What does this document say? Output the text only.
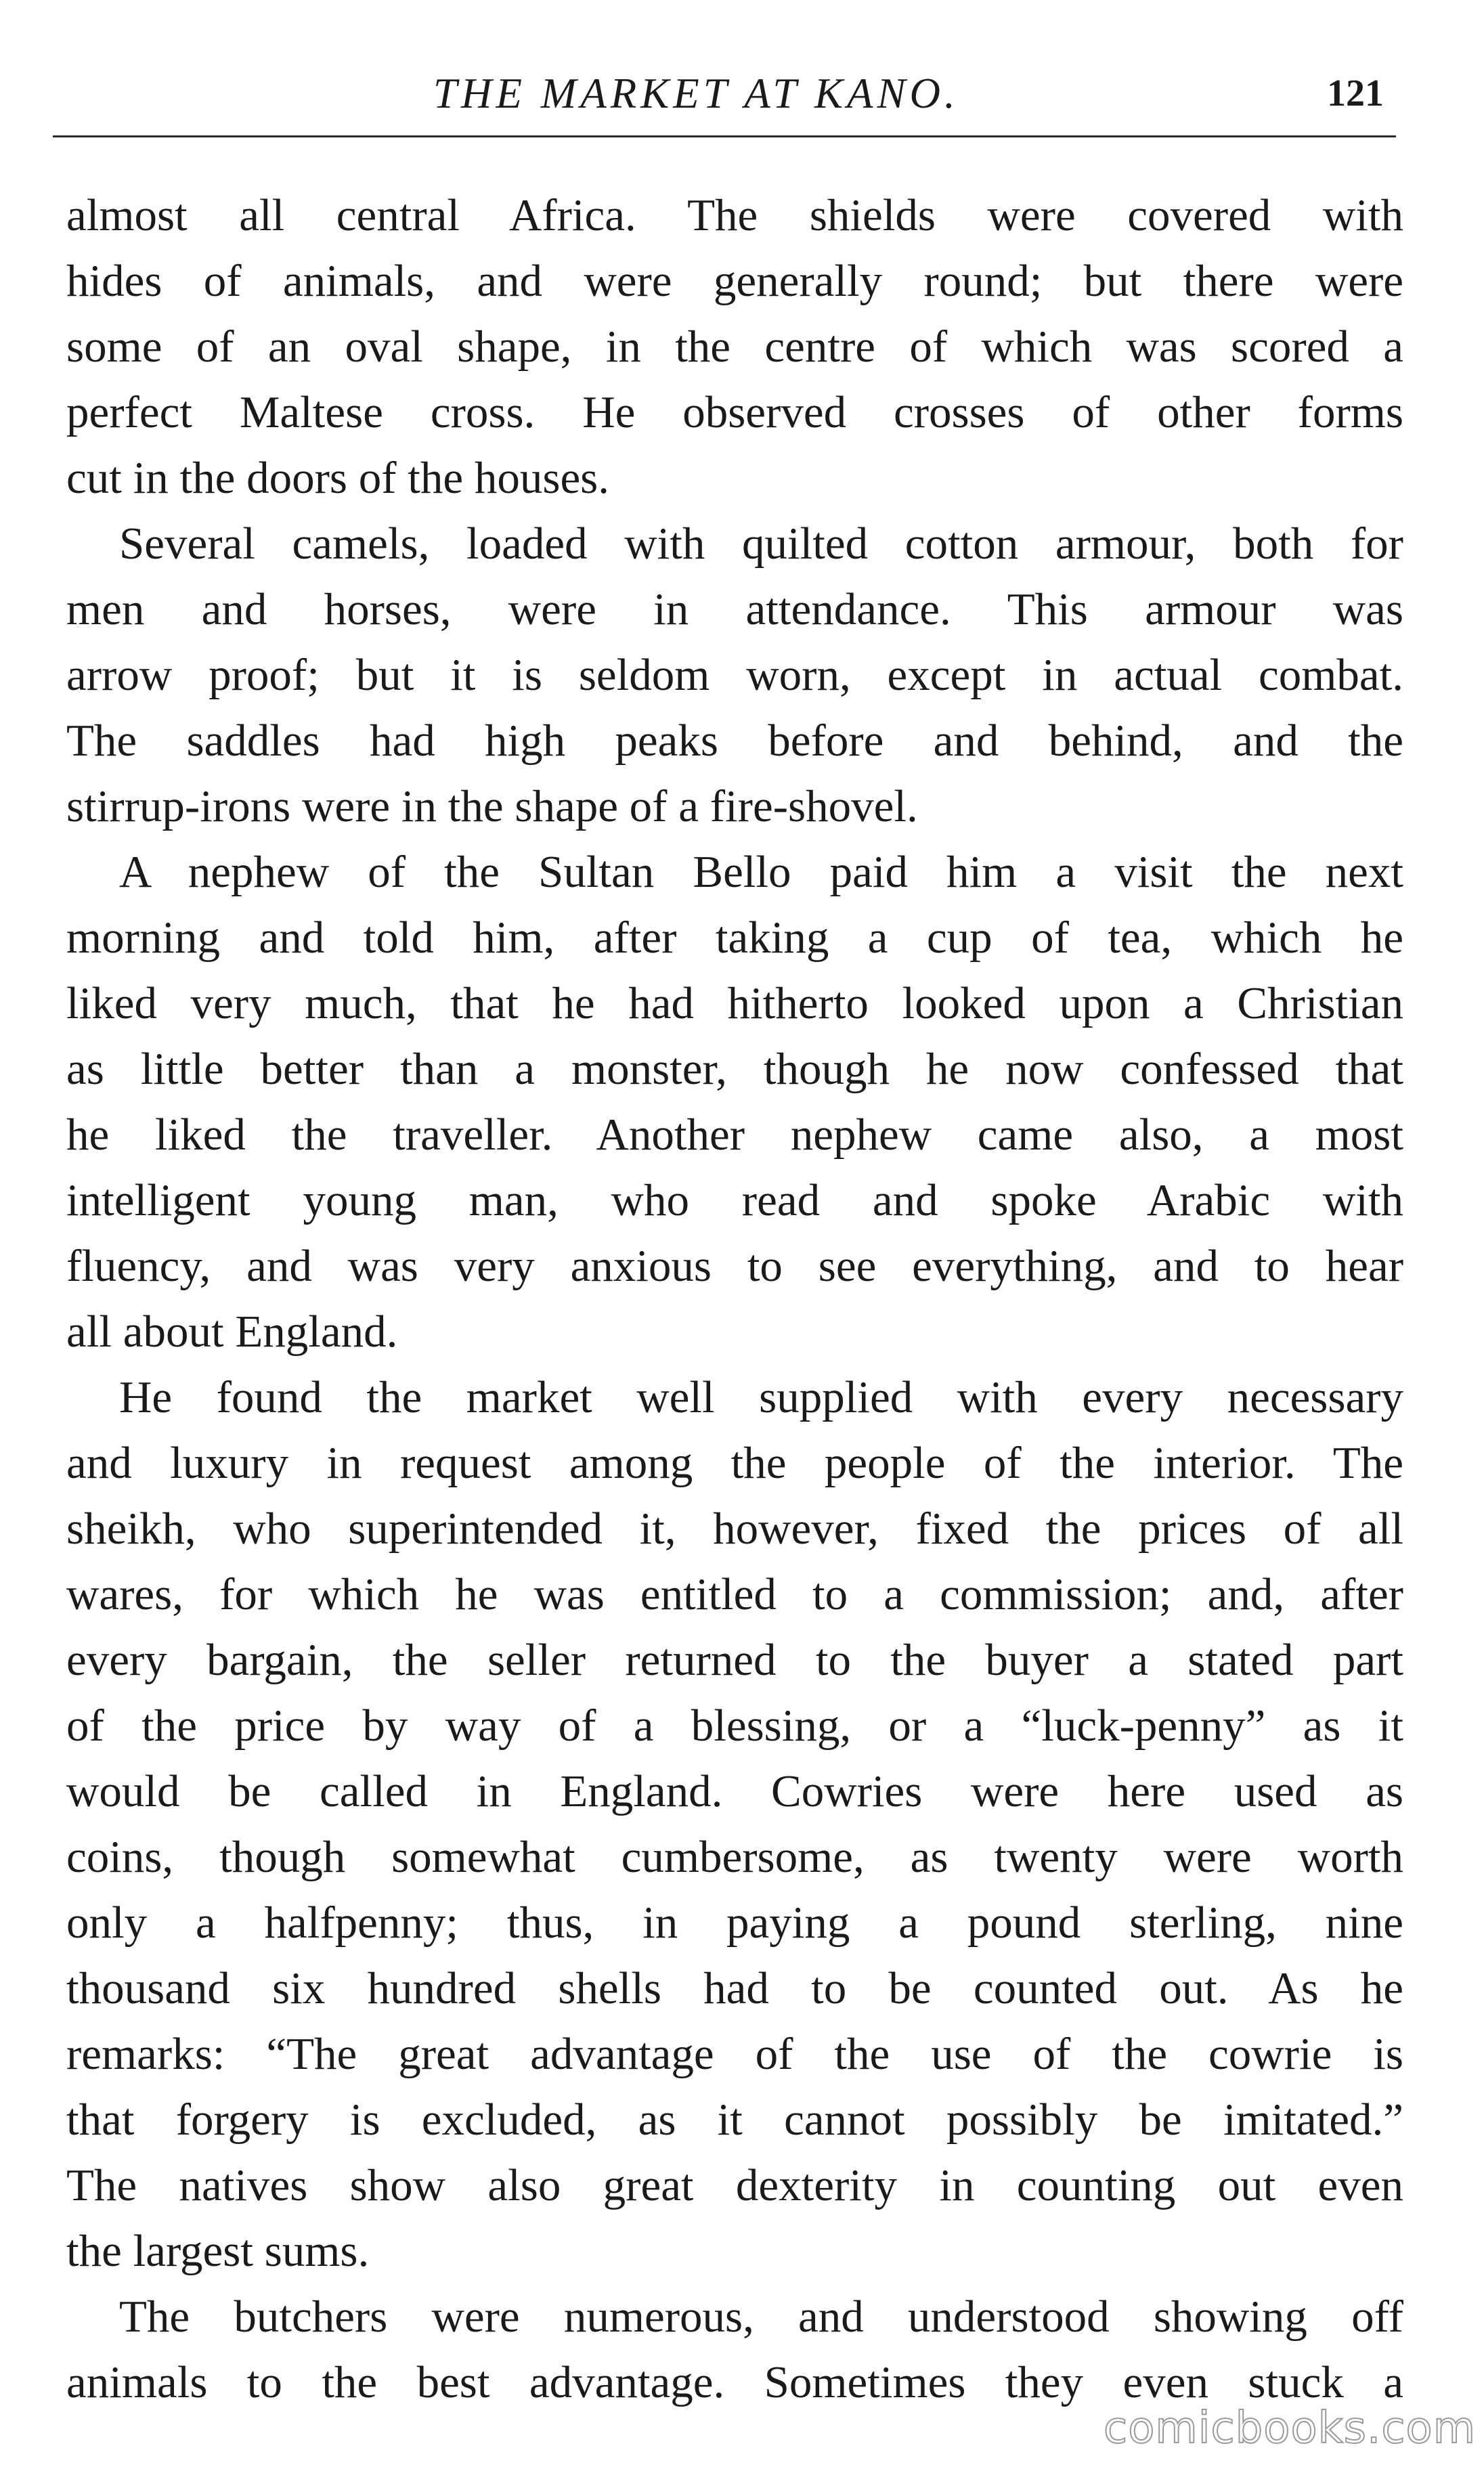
THE MARKET AT KANO.	121
almost all central Africa. The shields were covered with
hides of animals, and were generally round; but there were
some of an oval shape, in the centre of which was scored a
perfect Maltese cross. He observed crosses of other forms
cut in the doors of the houses.
Several camels, loaded with quilted cotton armour, both for
men and horses, were in attendance. This armour was
arrow proof; but it is seldom worn, except in actual combat.
The saddles had high peaks before and behind, and the
stirrup-irons were in the shape of a fire-shovel.
A nephew of the Sultan Bello paid him a visit the next
morning and told him, after taking a cup of tea, which he
liked very much, that he had hitherto looked upon a Christian
as little better than a monster, though he now confessed that
he liked the traveller. Another nephew came also, a most
intelligent young man, who read and spoke Arabic with
fluency, and was very anxious to see everything, and to hear
all about England.
He found the market well supplied with every necessary
and luxury in request among the people of the interior. The
sheikh, who superintended it, however, fixed the prices of all
wares, for which he was entitled to a commission; and, after
every bargain, the seller returned to the buyer a stated part
of the price by way of a blessing, or a “luck-penny” as it
would be called in England. Cowries were here used as
coins, though somewhat cumbersome, as twenty were worth
only a halfpenny; thus, in paying a pound sterling, nine
thousand six hundred shells had to be counted out. As he
remarks: “The great advantage of the use of the cowrie is
that forgery is excluded, as it cannot possibly be imitated.”
The natives show also great dexterity in counting out even
the largest sums.
The butchers were numerous, and understood showing off
animals to the best advantage. Sometimes they even stuck a
comicbooks.com
